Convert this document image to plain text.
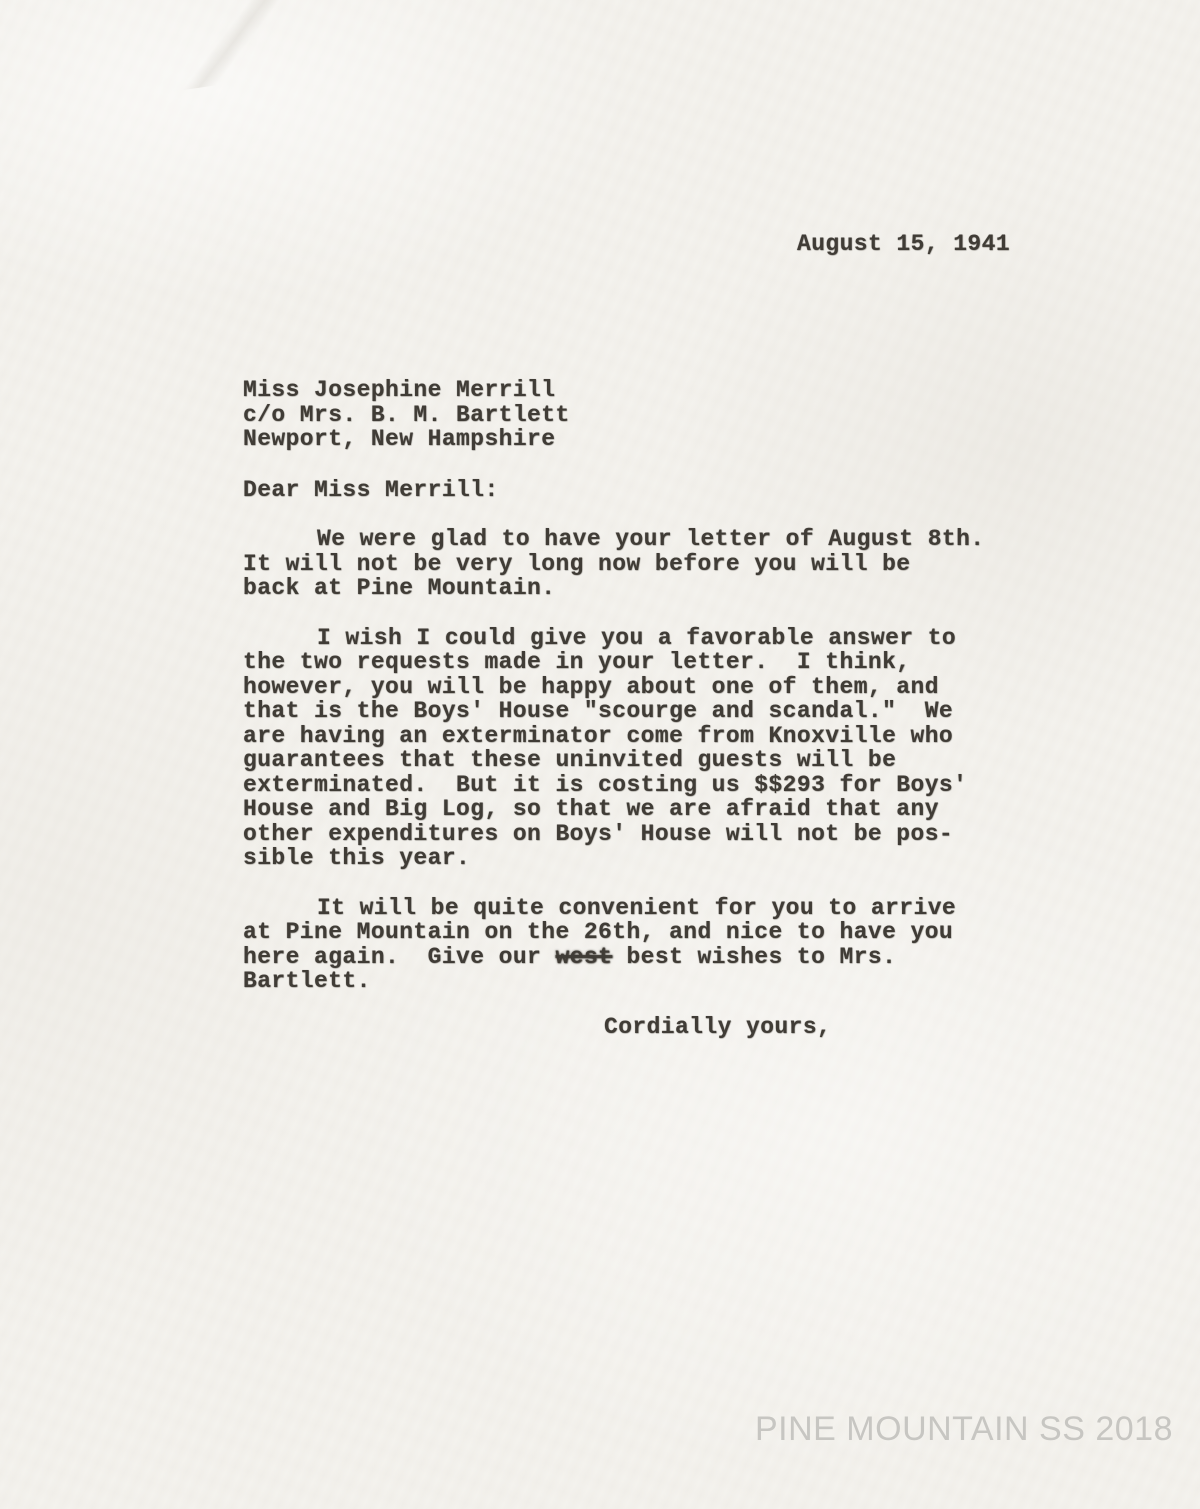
August 15, 1941
Miss Josephine Merrill
c/o Mrs. B. M. Bartlett
Newport, New Hampshire
Dear Miss Merrill:
We were glad to have your letter of August 8th.
It will not be very long now before you will be
back at Pine Mountain.
I wish I could give you a favorable answer to
the two requests made in your letter.  I think,
however, you will be happy about one of them, and
that is the Boys' House "scourge and scandal."  We
are having an exterminator come from Knoxville who
guarantees that these uninvited guests will be
exterminated.  But it is costing us $$293 for Boys'
House and Big Log, so that we are afraid that any
other expenditures on Boys' House will not be pos-
sible this year.
It will be quite convenient for you to arrive
at Pine Mountain on the 26th, and nice to have you
here again.  Give our west best wishes to Mrs.
Bartlett.
Cordially yours,
PINE MOUNTAIN SS 2018
